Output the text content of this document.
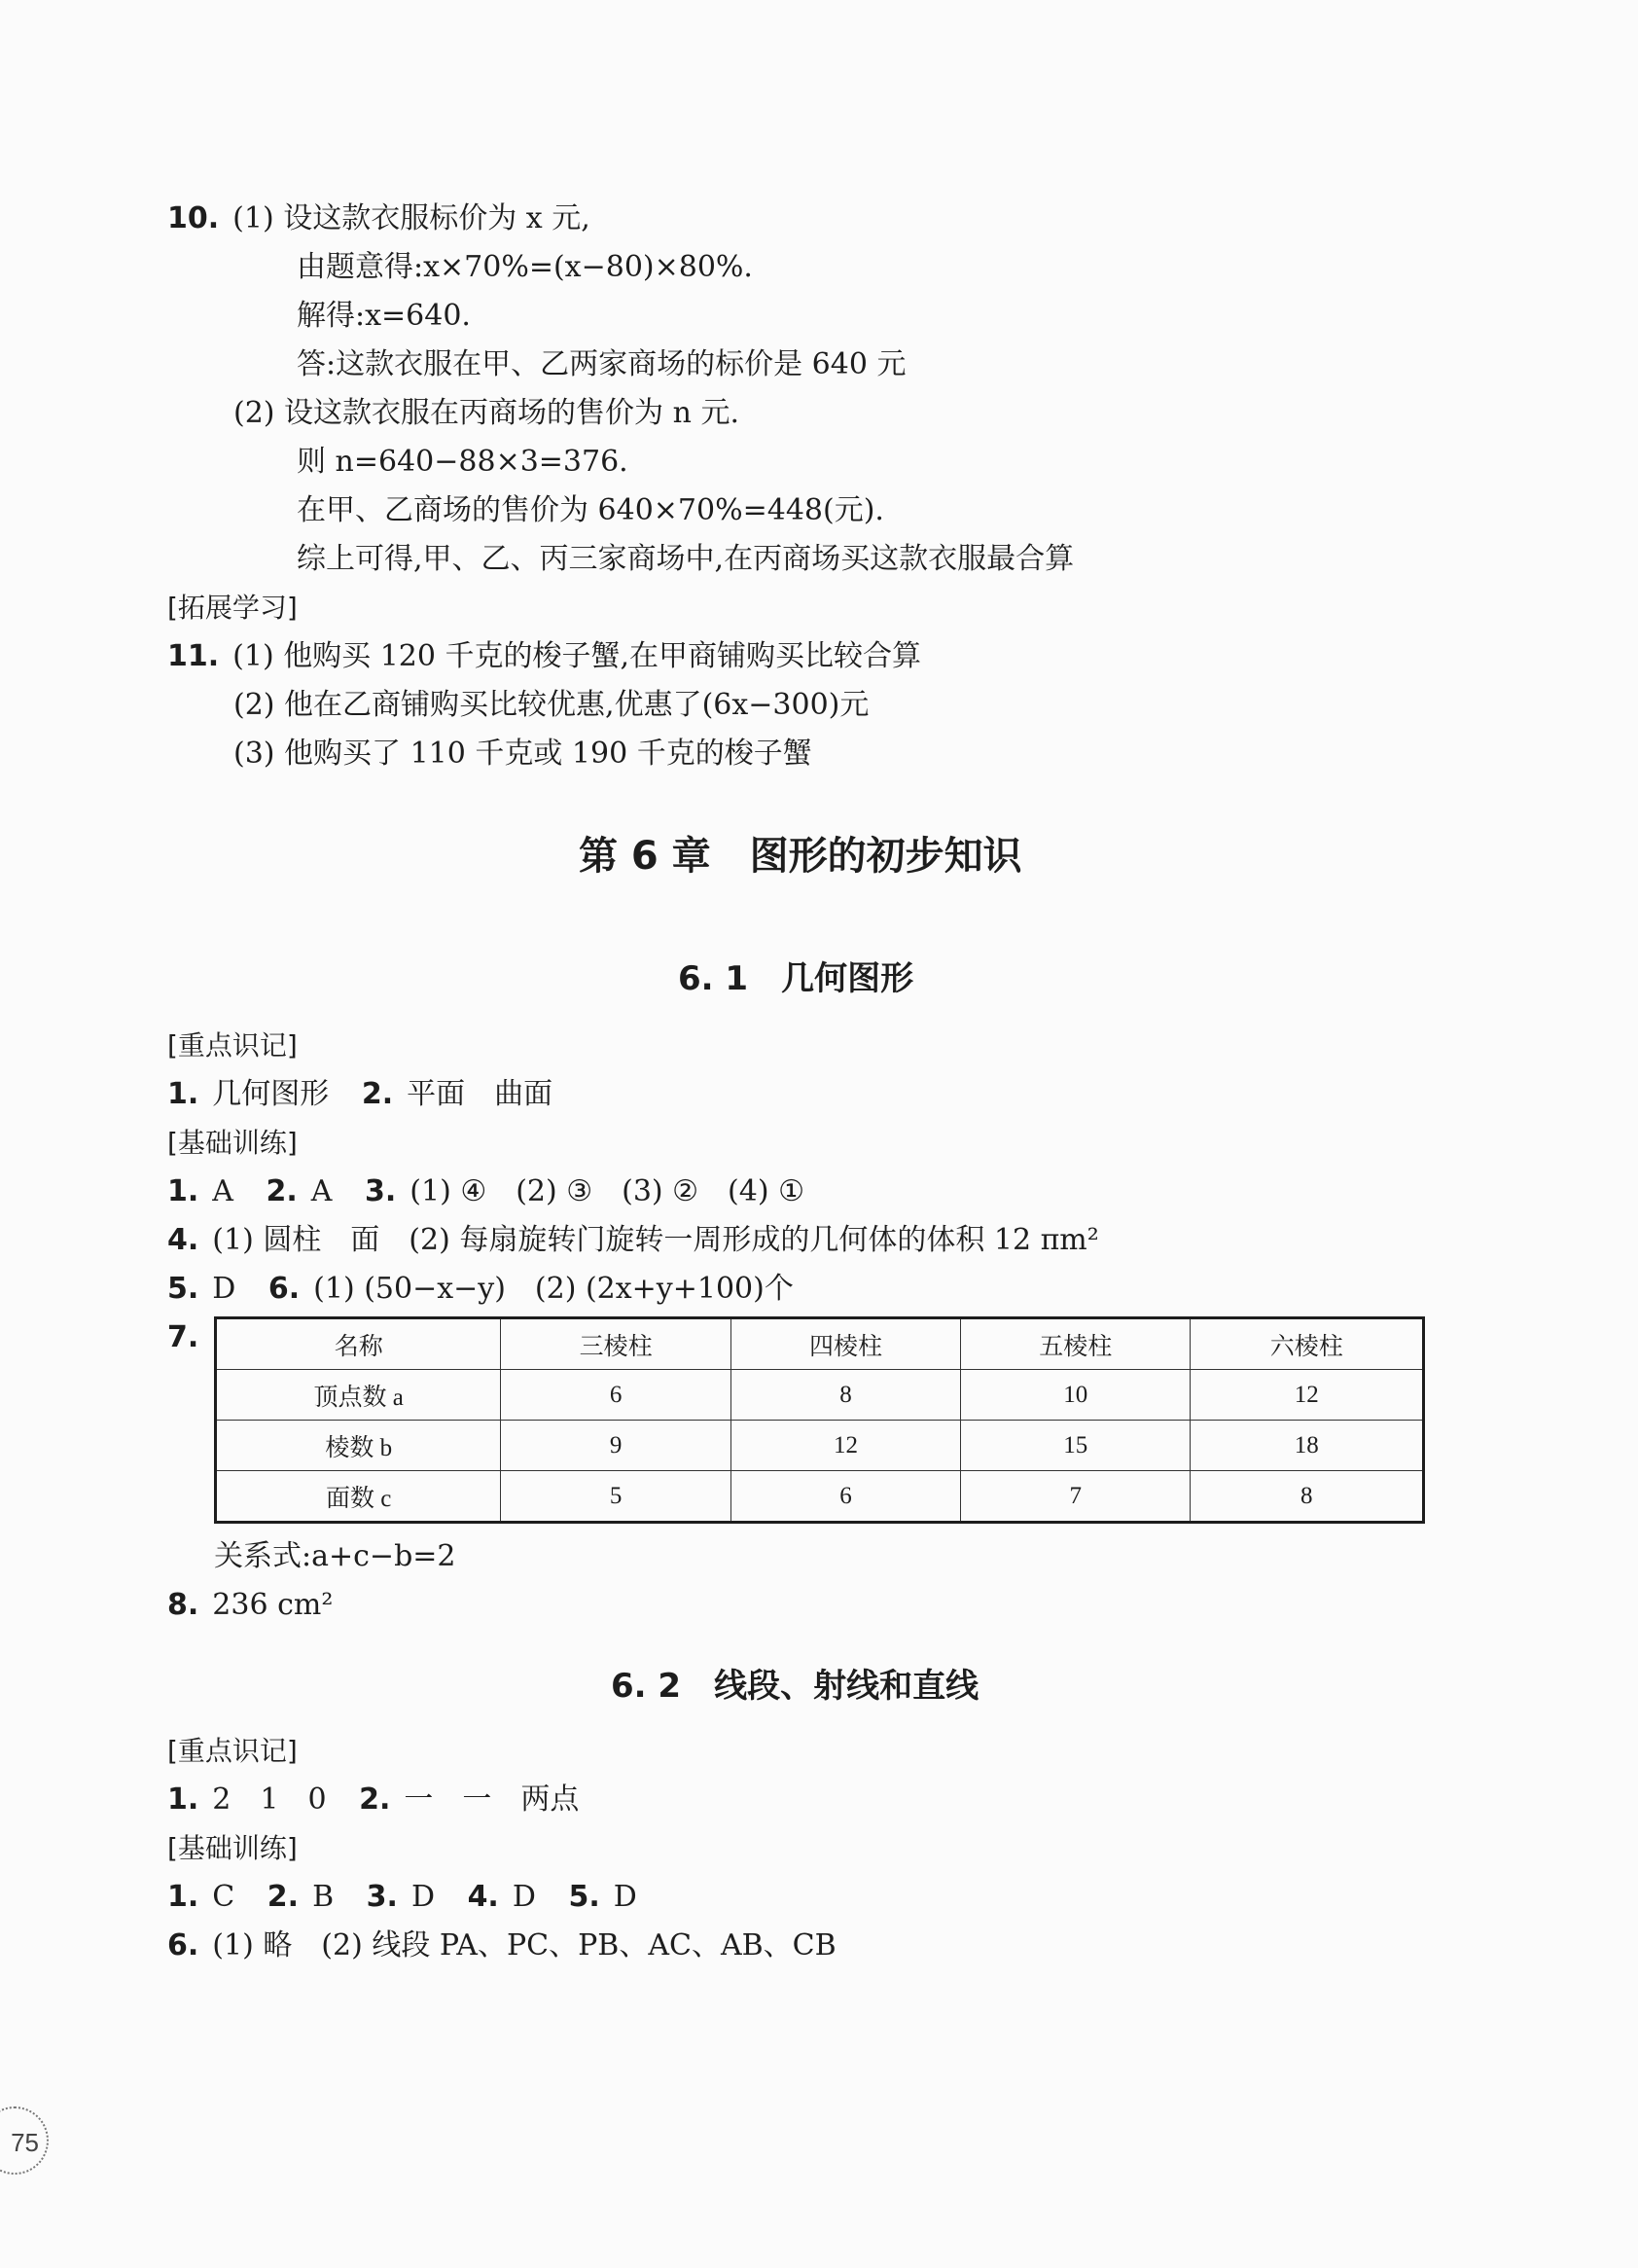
10. (1) 设这款衣服标价为 x 元,
由题意得:x×70%=(x−80)×80%.
解得:x=640.
答:这款衣服在甲、乙两家商场的标价是 640 元
(2) 设这款衣服在丙商场的售价为 n 元.
则 n=640−88×3=376.
在甲、乙商场的售价为 640×70%=448(元).
综上可得,甲、乙、丙三家商场中,在丙商场买这款衣服最合算
[拓展学习]
11. (1) 他购买 120 千克的梭子蟹,在甲商铺购买比较合算
(2) 他在乙商铺购买比较优惠,优惠了(6x−300)元
(3) 他购买了 110 千克或 190 千克的梭子蟹
第 6 章　图形的初步知识
6. 1　几何图形
[重点识记]
1. 几何图形 2. 平面　曲面
[基础训练]
1. A 2. A 3. (1) ④　(2) ③　(3) ②　(4) ①
4. (1) 圆柱　面　(2) 每扇旋转门旋转一周形成的几何体的体积 12 πm²
5. D 6. (1) (50−x−y)　(2) (2x+y+100)个
7.	名称	三棱柱	四棱柱	五棱柱	六棱柱
顶点数 a	6	8	10	12
棱数 b	9	12	15	18
面数 c	5	6	7	8
关系式:a+c−b=2
8. 236 cm²
6. 2　线段、射线和直线
[重点识记]
1. 2　1　0 2. 一　一　两点
[基础训练]
1. C 2. B 3. D 4. D 5. D
6. (1) 略　(2) 线段 PA、PC、PB、AC、AB、CB
75
